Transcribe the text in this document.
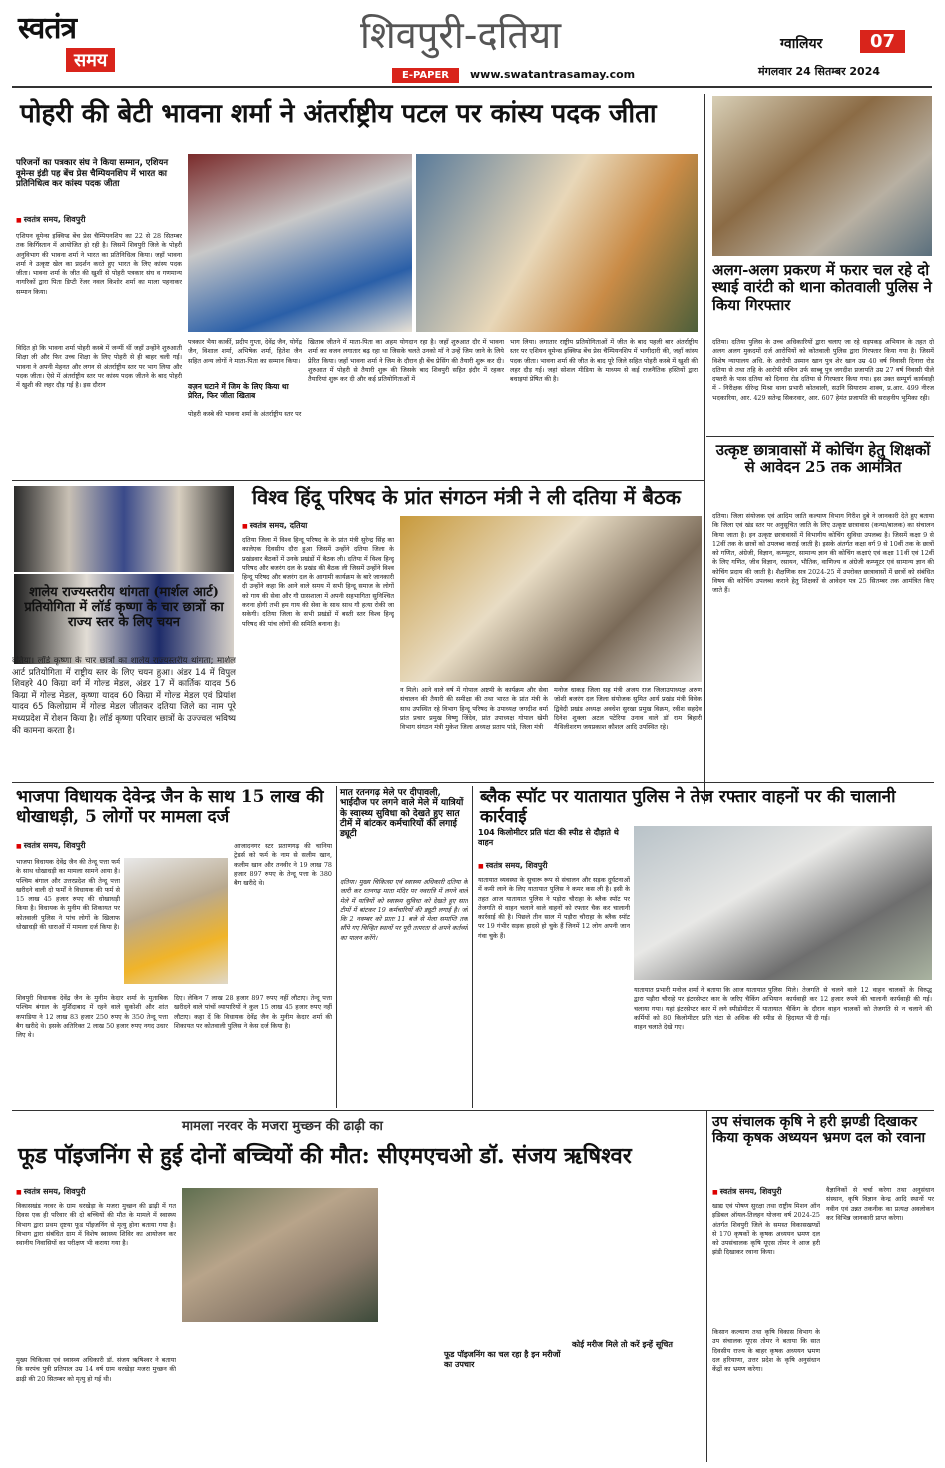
स्वतंत्र
समय
शिवपुरी-दतिया
E-PAPER	www.swatantrasamay.com
ग्वालियर	07
मंगलवार 24 सितम्बर 2024
पोहरी की बेटी भावना शर्मा ने अंतर्राष्ट्रीय पटल पर कांस्य पदक जीता
परिजनों का पत्रकार संघ ने किया सम्मान, एशियन वूमेन्स इंडी पह बेंच प्रेस चैम्पियनशिप में भारत का प्रतिनिधित्व कर कांस्य पदक जीता
■ स्वतंत्र समय, शिवपुरी
एशियन वूमेन्स इक्विप्ड बेंच प्रेस चैम्पियनशिप का 22 से 28 सितम्बर तक किर्गिस्तान में आयोजित हो रही है। जिसमें शिवपुरी जिले के पोहरी अनुविभाग की भावना शर्मा ने भारत का प्रतिनिधित्व किया। जहाँ भावना शर्मा ने उत्कृष्ट खेल का प्रदर्शन करते हुए भारत के लिए कांस्य पदक जीता। भावना शर्मा के जीत की खुशी से पोहरी पत्रकार संघ व गणमान्य नागरिकों द्वारा पिता डिप्टी रेंजर नवल किशोर शर्मा का माला पहनाकर सम्मान किया।
विदित हो कि भावना शर्मा पोहरी कस्बे में जन्मीं थीं जहाँ उन्होंने शुरुआती शिक्षा ली और फिर उच्च शिक्षा के लिए पोहरी से ही बाहर चली गईं। भावना ने अपनी मेहनत और लगन से अंतर्राष्ट्रीय स्तर पर भाग लिया और पदक जीता। ऐसे में अंतर्राष्ट्रीय स्तर पर कांस्य पदक जीतने के बाद पोहरी में खुशी की लहर दौड़ गई है। इस दौरान
पत्रकार भैया कार्की, प्रदीप गुप्ता, देवेंद्र जैन, योगेंद्र जैन, विशाल शर्मा, अभिषेक शर्मा, हितेश जैन सहित अन्य लोगों ने माता-पिता का सम्मान किया।
वज़न घटाने में जिम के लिए किया था प्रेरित, फिर जीता खिताब
पोहरी कस्बे की भावना शर्मा के अंतर्राष्ट्रीय स्तर पर
खिताब जीतने में माता-पिता का अहम योगदान रहा है। जहाँ शुरुआत दौर में भावना शर्मा का वजन लगातार बढ़ रहा था जिसके चलते उनको माँ ने उन्हें जिम जाने के लिये प्रेरित किया। जहाँ भावना शर्मा ने जिम के दौरान ही बेंच प्रेसिंग की तैयारी शुरू कर दी। शुरुआत में पोहरी से तैयारी शुरू की जिसके बाद शिवपुरी सहित इंदौर में रहकर तैयारियां शुरू कर दी और कई प्रतियोगिताओं में
भाग लिया। लगातार राष्ट्रीय प्रतियोगिताओं में जीत के बाद पहली बार अंतर्राष्ट्रीय स्तर पर एशियन वूमेन्स इक्विप्ड बेंच प्रेस चैम्पियनशिप में भागीदारी की, जहाँ कांस्य पदक जीता। भावना शर्मा की जीत के बाद पूरे जिले सहित पोहरी कस्बे में खुशी की लहर दौड़ गई। जहां सोशल मीडिया के माध्यम से कई राजनैतिक हस्तियों द्वारा बधाइयां प्रेषित की है।
अलग-अलग प्रकरण में फरार चल रहे दो स्थाई वारंटी को थाना कोतवाली पुलिस ने किया गिरफ्तार
दतिया। दतिया पुलिस के उच्च अधिकारियों द्वारा चलाए जा रहे धड़पकड़ अभियान के तहत दो अलग अलग मुकदमों दर्ज आरोपियों को कोतवाली पुलिस द्वारा गिरफ्तार किया गया है। जिसमें विशेष न्यायालय अधि. के आरोपी उस्मान खान पुत्र शेर खान उम्र 40 वर्ष निवासी दिनारा रोड दतिया से तथा तहि के आरोपी सचिन उर्फ साब्बू पुत्र जगदीश प्रजापति उम्र 27 वर्ष निवासी पीले दफ्तरी के पास दतिया को दिनारा रोड दतिया से गिरफ्तार किया गया। इस उक्त सम्पूर्ण कार्यवाही में - निरीक्षक धीरेन्द्र मिश्रा थाना प्रभारी कोतवाली, सउनि सियाराम शाक्य, प्र.आर. 499 नीरज भदकारिया, आर. 429 सतेन्द्र सिकरवार, आर. 607 हेमंत प्रजापति की सराहनीय भूमिका रही।
विश्व हिंदू परिषद के प्रांत संगठन मंत्री ने ली दतिया में बैठक
■ स्वतंत्र समय, दतिया
दतिया जिला में विश्व हिन्दू परिषद के के प्रांत मंत्री सुरेन्द्र सिंह का कालेएक दिवसीय दौरा हुआ जिसमें उन्होंने दतिया जिला के प्रखंडवार बैठकों में उनके प्रखंडों में बैठक ली। दतिया में विश्व हिन्दू परिषद और बजरंग दल के प्रखंड की बैठक ली जिसमें उन्होंने विश्व हिन्दू परिषद और बजरंग दल के आगामी कार्यक्रम के बारे जानकारी दी उन्होंने कहा कि आने वाले समय में सभी हिन्दू समाज के लोगों को गाय की सेवा और गौ ग्रासशाला में अपनी सहभागिता सुनिश्चित करना होगी तभी हम गाय की सेवा के साथ साथ गौ हत्या रोकी जा सकेगी। दतिया जिला के सभी प्रखंडों में बस्ती स्तर विश्व हिन्दू परिषद की पांच लोगों की समिति बनाना है।
न मिले। आने वाले वर्ष में गोपाल अष्टमी के कार्यक्रम और सेवा संचालन की तैयारी की समीक्षा की तथा भारत के प्रांत मंत्री के साथ उपस्थित रहे विभाग हिन्दू परिषद के उपाध्यक्ष जगदीश वर्मा प्रांत प्रचार प्रमुख विष्णु जिंदेव, प्रांत उपाध्यक्ष गोपाल खेमी विभाग संगठन मंत्री मुकेश जिला अध्यक्ष प्रताप पांडे, जिला मंत्री
मनोज धाकड़ जिला सह मंत्री अजय राज जिलाउपाध्यक्ष अरुण जोशी बजरंग दल जिला संयोजक सुमित आर्य प्रखंड मंत्री विवेक द्विवेदी प्रखंड अध्यक्ष अवधेश सुरखा प्रमुख विक्रम, रवीश सहदेव दिनेश शुक्ला अटल पटेरिया उनाव वाले डॉ राम बिहारी मैथिलीशरण जयप्रकाश कौशल आदि उपस्थित रहे।
शालेय राज्यस्तरीय थांगता (मार्शल आर्ट) प्रतियोगिता में लॉर्ड कृष्णा के चार छात्रों का राज्य स्तर के लिए चयन
दतिया। लॉर्ड कृष्णा के चार छात्रों का शालेय राज्यस्तरीय थांगता; मार्शल आर्ट प्रतियोगिता में राष्ट्रीय स्तर के लिए चयन हुआ। अंडर 14 में विपुल शिवहरे 40 किग्रा वर्ग में गोल्ड मेडल, अंडर 17 में कार्तिक यादव 56 किग्रा में गोल्ड मेडल, कृष्णा यादव 60 किग्रा में गोल्ड मेडल एवं प्रियांश यादव 65 किलोग्राम में गोल्ड मेडल जीतकर दतिया जिले का नाम पूरे मध्यप्रदेश में रोशन किया है। लॉर्ड कृष्णा परिवार छात्रों के उज्ज्वल भविष्य की कामना करता है।
उत्कृष्ट छात्रावासों में कोचिंग हेतु शिक्षकों से आवेदन 25 तक आमंत्रित
दतिया। जिला संयोजक एवं आदिम जाति कल्याण विभाग गिरीश दुबे ने जानकारी देते हुए बताया कि जिला एवं खंड स्तर पर अनुसूचित जाति के लिए उत्कृष्ट छात्रावास (कन्या/बालक) का संचालन किया जाता है। इन उत्कृष्ट छात्रावासों में विभागीय कोचिंग सुविधा उपलब्ध है। जिसमें कक्षा 9 से 12वीं तक के छात्रों को उपलब्ध कराई जाती है। इसके अंतर्गत कक्षा वर्ग 9 से 10वीं तक के छात्रों को गणित, अंग्रेजी, विज्ञान, कम्प्यूटर, सामान्य ज्ञान की कोचिंग कक्षाएं एवं कक्षा 11वीं एवं 12वीं के लिए गणित, जीव विज्ञान, रसायन, भौतिक, वाणिज्य व अंग्रेजी कम्प्यूटर एवं सामान्य ज्ञान की कोचिंग प्रदाय की जाती है। शैक्षणिक सत्र 2024-25 में उपरोक्त छात्रावासों में छात्रों को संबंधित विषय की कोचिंग उपलब्ध कराने हेतु शिक्षकों से आवेदन पत्र 25 सितम्बर तक आमंत्रित किए जाते हैं।
भाजपा विधायक देवेन्द्र जैन के साथ 15 लाख की धोखाधड़ी, 5 लोगों पर मामला दर्ज
■ स्वतंत्र समय, शिवपुरी
भाजपा विधायक देवेंद्र जैन की तेन्दू पत्ता फर्म के साथ धोखाधड़ी का मामला सामने आया है। पश्चिम बंगाल और उत्तरप्रदेश की तेन्दू पत्ता खरीदने वाली दो फर्मों ने विधायक की फर्म से 15 लाख 45 हजार रुपए की धोखाधड़ी किया है। विधायक के मुनीम की शिकायत पर कोतवाली पुलिस ने पांच लोगों के खिलाफ धोखाधड़ी की धाराओं में मामला दर्ज किया है।
आजादनगर स्टर प्रताणगढ़ की चानिया ट्रेडर्स को फर्म के नाम से सलीम खान, कलीम खान और तनवीर ने 19 लाख 78 हजार 897 रुपए के तेन्दू पत्ता के 380 बैग खरीदे थे।
शिवपुरी विधायक देवेंद्र जैन के मुनीम केदार शर्मा के मुताबिक पश्चिम बंगाल के मुर्शिदाबाद में रहने वाले सुकोशी और शांत कपाडिया ने 12 लाख 83 हजार 250 रुपए के 350 तेन्दू पत्ता बैग खरीदे थे। इसके अतिरिक्त 2 लाख 50 हजार रुपए नगद उधार लिए थे।
दिए। लेकिन 7 लाख 28 हजार 897 रुपए नहीं लौटाए। तेन्दू पत्ता खरीदने वाले पांचों व्यापारियों ने कुल 15 लाख 45 हजार रुपए नहीं लौटाए। कहा दें कि विधायक देवेंद्र जैन के मुनीम केदार शर्मा की शिकायत पर कोतवाली पुलिस ने केस दर्ज किया है।
मात रतनगढ़ मेले पर दीपावली, भाईदौज पर लगने वाले मेले में यात्रियों के स्वास्थ्य सुविधा को देखते हुए सात टीमें में बांटकर कर्मचारियों की लगाई ड्यूटी
दतिया। मुख्य चिकित्सा एवं स्वास्थ्य अधिकारी दतिया के जारी कर रतनगढ़ माता मंदिर पर नवरात्रि में लगने वाले मेले में यात्रियों को स्वास्थ्य सुविधा को देखते हुए सात टीमों में बांटकर 19 कर्मचारियों की ड्यूटी लगाई है। जो कि 2 नवम्बर को प्रातः 11 बजे से मेला समाप्ति तक सौंपे गए चिन्हित स्थानों पर पूरी तत्परता से अपने कर्तव्यों का पालन करेंगे।
ब्लैक स्पॉट पर यातायात पुलिस ने तेज रफ्तार वाहनों पर की चालानी कार्रवाई
104 किलोमीटर प्रति घंटा की स्पीड से दौड़ाते थे वाहन
■ स्वतंत्र समय, शिवपुरी
यातायात व्यवस्था के सुचारू रूप से संचालन और सड़क दुर्घटनाओं में कमी लाने के लिए यातायात पुलिस ने कमर कस ली है। इसी के तहत आज यातायात पुलिस ने पड़ोरा चौराहा के ब्लैक स्पॉट पर तेजगति से वाहन चलाने वाले वाहनों को रफ्तार चैक कर चालानी कार्रवाई की है। पिछले तीन साल में पड़ौरा चौराहा के ब्लैक स्पॉट पर 19 गंभीर सड़क हादसे हो चुके हैं जिनमें 12 लोग अपनी जान गंवा चुके हैं।
यातायात प्रभारी मनोज शर्मा ने बताया कि आज यातायात पुलिस द्वारा पड़ौरा चौराहे पर इंटरसेप्टर कार के जरिए चैकिंग अभियान चलाया गया। यहां इंटरसेप्टर कार में लगे स्पीडोमीटर में यातायात कर्मियों को 80 किलोमीटर प्रति घंटा से अधिक की स्पीड से वाहन चलाते देखे गए।
मिले। तेजगति से चलने वाले 12 वाहन चालकों के विरुद्ध कार्यवाही कर 12 हजार रुपये की चालानी कार्यवाही की गई। चैकिंग के दौरान वाहन चालकों को तेजगति से न चलाने की हिदायत भी दी गई।
मामला नरवर के मजरा मुच्छन की ढाढ़ी का
फूड पॉइजनिंग से हुई दोनों बच्चियों की मौत: सीएमएचओ डॉ. संजय ऋषिश्वर
■ स्वतंत्र समय, शिवपुरी
विकासखंड नरवर के ग्राम थरखेड़ा के मजरा मुच्छन की ढाढ़ी में गत दिवस एक ही परिवार की दो बच्चियों की मौत के मामले में स्वास्थ्य विभाग द्वारा प्रथम दृष्टया फूड पॉइजनिंग से मृत्यु होना बताया गया है। विभाग द्वारा संबंधित ग्राम में विशेष स्वास्थ्य शिविर का आयोजन कर स्थानीय निवासियों का परीक्षण भी कराया गया है।
मुख्य चिकित्सा एवं स्वास्थ्य अधिकारी डॉ. संजय ऋषिश्वर ने बताया कि सरपंच पुत्री प्रतिपाल उम्र 14 वर्ष ग्राम थरखेड़ा मजरा मुच्छन की ढाढ़ी की 20 सितम्बर को मृत्यु हो गई थी।
फूड पॉइजनिंग का चल रहा है इन मरीजों का उपचार
कोई मरीज मिले तो करें इन्हें सूचित
उप संचालक कृषि ने हरी झण्डी दिखाकर किया कृषक अध्ययन भ्रमण दल को रवाना
■ स्वतंत्र समय, शिवपुरी
खाद्य एवं पोषण सुरक्षा तथा राष्ट्रीय मिशन ऑन इडिबल ऑयल-तिलहन योजना वर्ष 2024-25 अंतर्गत शिवपुरी जिले के समस्त विकासखण्डों से 170 कृषकों के कृषक अध्ययन भ्रमण दल को उपसंचालक कृषि यूएस तोमर ने आज हरी झंडी दिखाकर रवाना किया।
किसान कल्याण तथा कृषि विकास विभाग के उप संचालक यूएस तोमर ने बताया कि सात दिवसीय राज्य के बाहर कृषक अध्ययन भ्रमण दल हरियाणा, उत्तर प्रदेश के कृषि अनुसंधान केंद्रों का भ्रमण करेगा।
वैज्ञानिकों से चर्चा करेगा तथा अनुसंधान संस्थान, कृषि विज्ञान केन्द्र आदि स्थानों पर नवीन एवं उन्नत तकनीक का प्रत्यक्ष अवलोकन कर विभिन्न जानकारी प्राप्त करेगा।
